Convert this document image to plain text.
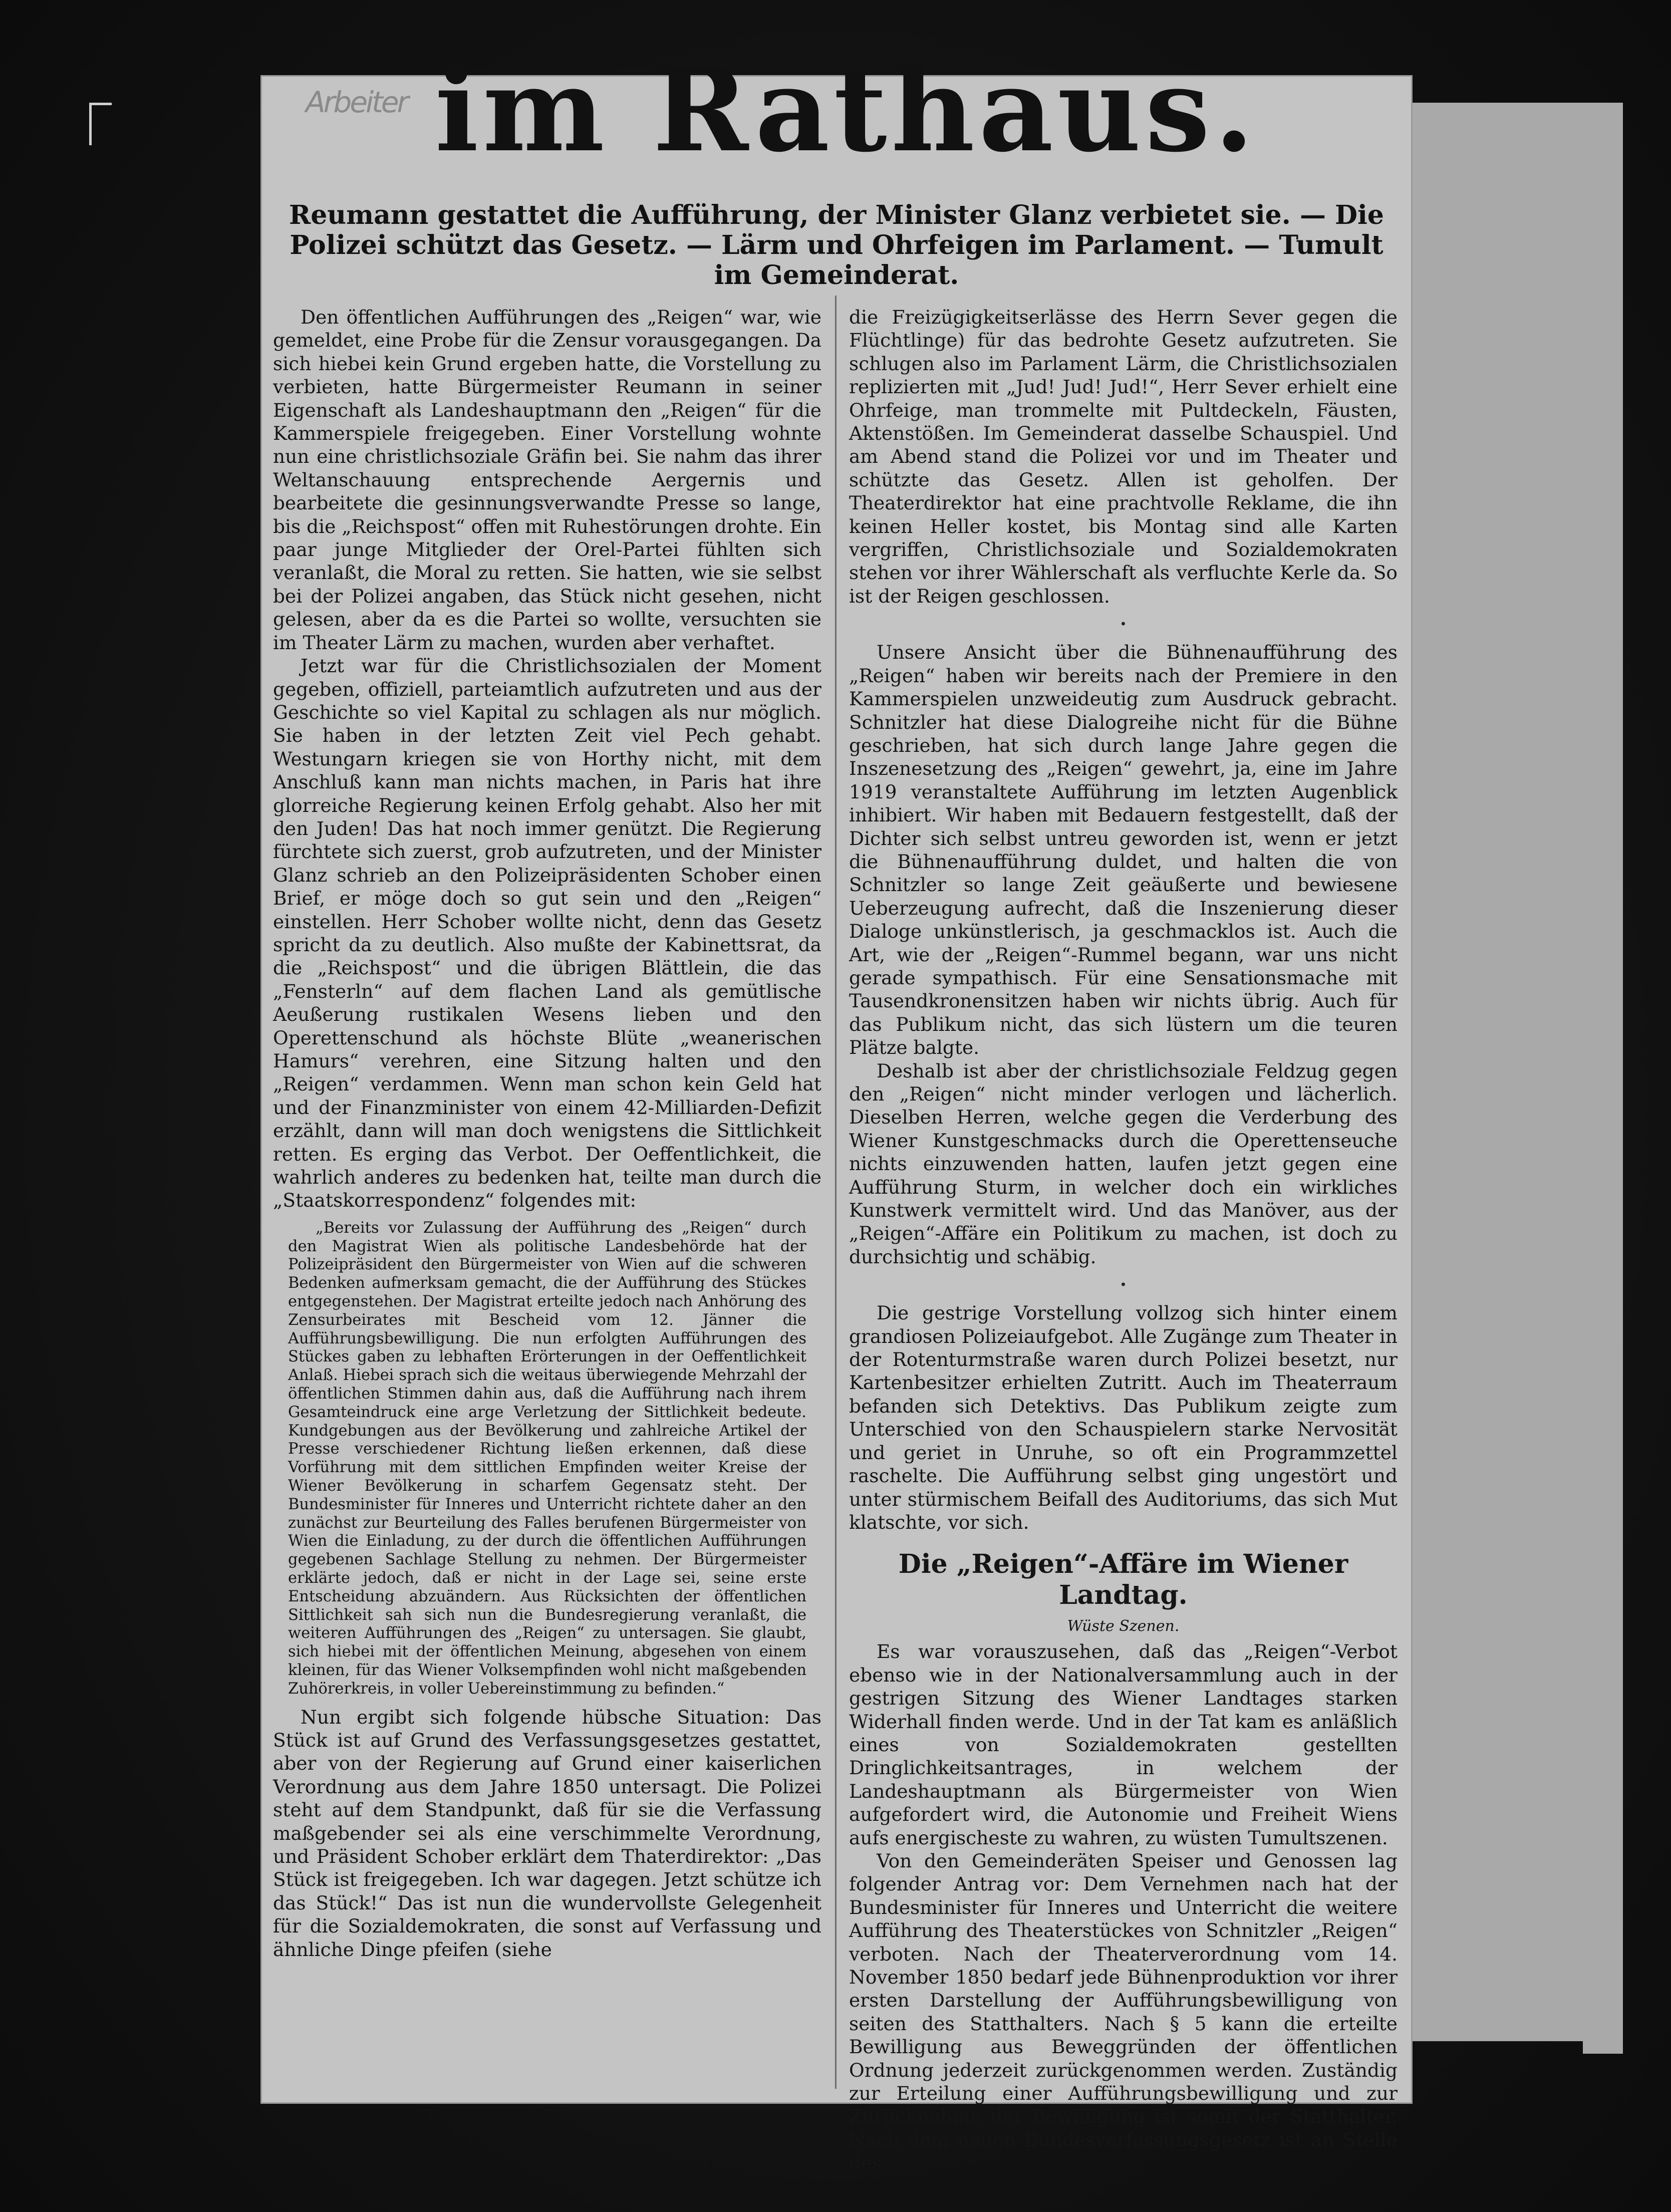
Arbeiter im Rathaus.
Reumann gestattet die Aufführung, der Minister Glanz verbietet sie. — Die Polizei schützt das Gesetz. — Lärm und Ohrfeigen im Parlament. — Tumult im Gemeinderat.

Den öffentlichen Aufführungen des „Reigen“ war, wie gemeldet, eine Probe für die Zensur vorausgegangen. Da sich hiebei kein Grund ergeben hatte, die Vorstellung zu verbieten, hatte Bürgermeister Reumann in seiner Eigenschaft als Landeshauptmann den „Reigen“ für die Kammerspiele freigegeben. Einer Vorstellung wohnte nun eine christlichsoziale Gräfin bei. Sie nahm das ihrer Weltanschauung entsprechende Aergernis und bearbeitete die gesinnungsverwandte Presse so lange, bis die „Reichspost“ offen mit Ruhestörungen drohte. Ein paar junge Mitglieder der Orel-Partei fühlten sich veranlaßt, die Moral zu retten. Sie hatten, wie sie selbst bei der Polizei angaben, das Stück nicht gesehen, nicht gelesen, aber da es die Partei so wollte, versuchten sie im Theater Lärm zu machen, wurden aber verhaftet.

Jetzt war für die Christlichsozialen der Moment gegeben, offiziell, parteiamtlich aufzutreten und aus der Geschichte so viel Kapital zu schlagen als nur möglich. Sie haben in der letzten Zeit viel Pech gehabt. Westungarn kriegen sie von Horthy nicht, mit dem Anschluß kann man nichts machen, in Paris hat ihre glorreiche Regierung keinen Erfolg gehabt. Also her mit den Juden! Das hat noch immer genützt. Die Regierung fürchtete sich zuerst, grob aufzutreten, und der Minister Glanz schrieb an den Polizeipräsidenten Schober einen Brief, er möge doch so gut sein und den „Reigen“ einstellen. Herr Schober wollte nicht, denn das Gesetz spricht da zu deutlich. Also mußte der Kabinettsrat, da die „Reichspost“ und die übrigen Blättlein, die das „Fensterln“ auf dem flachen Land als gemütlische Aeußerung rustikalen Wesens lieben und den Operettenschund als höchste Blüte „weanerischen Hamurs“ verehren, eine Sitzung halten und den „Reigen“ verdammen. Wenn man schon kein Geld hat und der Finanzminister von einem 42-Milliarden-Defizit erzählt, dann will man doch wenigstens die Sittlichkeit retten. Es erging das Verbot. Der Oeffentlichkeit, die wahrlich anderes zu bedenken hat, teilte man durch die „Staatskorrespondenz“ folgendes mit:

„Bereits vor Zulassung der Aufführung des „Reigen“ durch den Magistrat Wien als politische Landesbehörde hat der Polizeipräsident den Bürgermeister von Wien auf die schweren Bedenken aufmerksam gemacht, die der Aufführung des Stückes entgegenstehen. Der Magistrat erteilte jedoch nach Anhörung des Zensurbeirates mit Bescheid vom 12. Jänner die Aufführungsbewilligung. Die nun erfolgten Aufführungen des Stückes gaben zu lebhaften Erörterungen in der Oeffentlichkeit Anlaß. Hiebei sprach sich die weitaus überwiegende Mehrzahl der öffentlichen Stimmen dahin aus, daß die Aufführung nach ihrem Gesamteindruck eine arge Verletzung der Sittlichkeit bedeute. Kundgebungen aus der Bevölkerung und zahlreiche Artikel der Presse verschiedener Richtung ließen erkennen, daß diese Vorführung mit dem sittlichen Empfinden weiter Kreise der Wiener Bevölkerung in scharfem Gegensatz steht. Der Bundesminister für Inneres und Unterricht richtete daher an den zunächst zur Beurteilung des Falles berufenen Bürgermeister von Wien die Einladung, zu der durch die öffentlichen Aufführungen gegebenen Sachlage Stellung zu nehmen. Der Bürgermeister erklärte jedoch, daß er nicht in der Lage sei, seine erste Entscheidung abzuändern. Aus Rücksichten der öffentlichen Sittlichkeit sah sich nun die Bundesregierung veranlaßt, die weiteren Aufführungen des „Reigen“ zu untersagen. Sie glaubt, sich hiebei mit der öffentlichen Meinung, abgesehen von einem kleinen, für das Wiener Volksempfinden wohl nicht maßgebenden Zuhörerkreis, in voller Uebereinstimmung zu befinden.“

Nun ergibt sich folgende hübsche Situation: Das Stück ist auf Grund des Verfassungsgesetzes gestattet, aber von der Regierung auf Grund einer kaiserlichen Verordnung aus dem Jahre 1850 untersagt. Die Polizei steht auf dem Standpunkt, daß für sie die Verfassung maßgebender sei als eine verschimmelte Verordnung, und Präsident Schober erklärt dem Thaterdirektor: „Das Stück ist freigegeben. Ich war dagegen. Jetzt schütze ich das Stück!“ Das ist nun die wundervollste Gelegenheit für die Sozialdemokraten, die sonst auf Verfassung und ähnliche Dinge pfeifen (siehe

die Freizügigkeitserlässe des Herrn Sever gegen die Flüchtlinge) für das bedrohte Gesetz aufzutreten. Sie schlugen also im Parlament Lärm, die Christlichsozialen replizierten mit „Jud! Jud! Jud!“, Herr Sever erhielt eine Ohrfeige, man trommelte mit Pultdeckeln, Fäusten, Aktenstößen. Im Gemeinderat dasselbe Schauspiel. Und am Abend stand die Polizei vor und im Theater und schützte das Gesetz. Allen ist geholfen. Der Theaterdirektor hat eine prachtvolle Reklame, die ihn keinen Heller kostet, bis Montag sind alle Karten vergriffen, Christlichsoziale und Sozialdemokraten stehen vor ihrer Wählerschaft als verfluchte Kerle da. So ist der Reigen geschlossen.

•

Unsere Ansicht über die Bühnenaufführung des „Reigen“ haben wir bereits nach der Premiere in den Kammerspielen unzweideutig zum Ausdruck gebracht. Schnitzler hat diese Dialogreihe nicht für die Bühne geschrieben, hat sich durch lange Jahre gegen die Inszenesetzung des „Reigen“ gewehrt, ja, eine im Jahre 1919 veranstaltete Aufführung im letzten Augenblick inhibiert. Wir haben mit Bedauern festgestellt, daß der Dichter sich selbst untreu geworden ist, wenn er jetzt die Bühnenaufführung duldet, und halten die von Schnitzler so lange Zeit geäußerte und bewiesene Ueberzeugung aufrecht, daß die Inszenierung dieser Dialoge unkünstlerisch, ja geschmacklos ist. Auch die Art, wie der „Reigen“-Rummel begann, war uns nicht gerade sympathisch. Für eine Sensationsmache mit Tausendkronensitzen haben wir nichts übrig. Auch für das Publikum nicht, das sich lüstern um die teuren Plätze balgte.

Deshalb ist aber der christlichsoziale Feldzug gegen den „Reigen“ nicht minder verlogen und lächerlich. Dieselben Herren, welche gegen die Verderbung des Wiener Kunstgeschmacks durch die Operettenseuche nichts einzuwenden hatten, laufen jetzt gegen eine Aufführung Sturm, in welcher doch ein wirkliches Kunstwerk vermittelt wird. Und das Manöver, aus der „Reigen“-Affäre ein Politikum zu machen, ist doch zu durchsichtig und schäbig.

•

Die gestrige Vorstellung vollzog sich hinter einem grandiosen Polizeiaufgebot. Alle Zugänge zum Theater in der Rotenturmstraße waren durch Polizei besetzt, nur Kartenbesitzer erhielten Zutritt. Auch im Theaterraum befanden sich Detektivs. Das Publikum zeigte zum Unterschied von den Schauspielern starke Nervosität und geriet in Unruhe, so oft ein Programmzettel raschelte. Die Aufführung selbst ging ungestört und unter stürmischem Beifall des Auditoriums, das sich Mut klatschte, vor sich.

Die „Reigen“-Affäre im Wiener Landtag.
Wüste Szenen.

Es war vorauszusehen, daß das „Reigen“-Verbot ebenso wie in der Nationalversammlung auch in der gestrigen Sitzung des Wiener Landtages starken Widerhall finden werde. Und in der Tat kam es anläßlich eines von Sozialdemokraten gestellten Dringlichkeitsantrages, in welchem der Landeshauptmann als Bürgermeister von Wien aufgefordert wird, die Autonomie und Freiheit Wiens aufs energischeste zu wahren, zu wüsten Tumultszenen.

Von den Gemeinderäten Speiser und Genossen lag folgender Antrag vor: Dem Vernehmen nach hat der Bundesminister für Inneres und Unterricht die weitere Aufführung des Theaterstückes von Schnitzler „Reigen“ verboten. Nach der Theaterverordnung vom 14. November 1850 bedarf jede Bühnenproduktion vor ihrer ersten Darstellung der Aufführungsbewilligung von seiten des Statthalters. Nach § 5 kann die erteilte Bewilligung aus Beweggründen der öffentlichen Ordnung jederzeit zurückgenommen werden. Zuständig zur Erteilung einer Aufführungsbewilligung und zur Zurücknahme der Bewilligung ist somit der Statthalter. Nach dem neuen Bundesverfassungsgesetz ist an Stelle des
